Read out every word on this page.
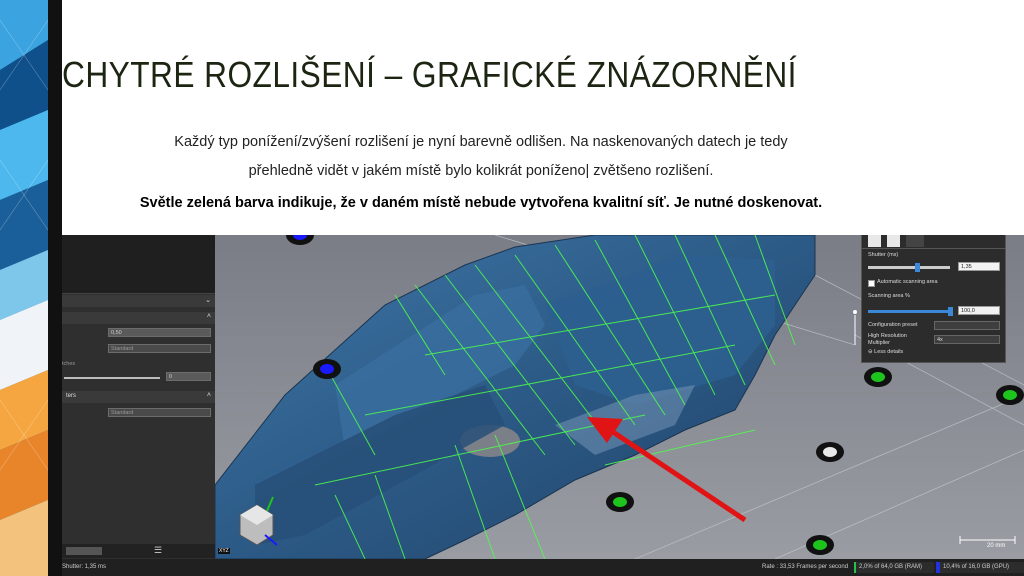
CHYTRÉ ROZLIŠENÍ – GRAFICKÉ ZNÁZORNĚNÍ
Každý typ ponížení/zvýšení rozlišení je nyní barevně odlišen. Na naskenovaných datech je tedy
přehledně vidět v jakém místě bylo kolikrát poníženo| zvětšeno rozlišení.
Světle zelená barva indikuje, že v daném místě nebude vytvořena kvalitní síť. Je nutné doskenovat.
⌄
˄
0,50
Standard
tches
0
ters	˄
Standard
☰	20 mm
XYZ
Shutter (ms)
1,35
Automatic scanning area
Scanning area %
100,0
Configuration preset
High Resolution
Multiplier	4x
⊖ Less details
Shutter: 1,35 ms	Rate : 33,53 Frames per second 2,0% of 64,0 GB (RAM)	10,4% of 16,0 GB (GPU)
